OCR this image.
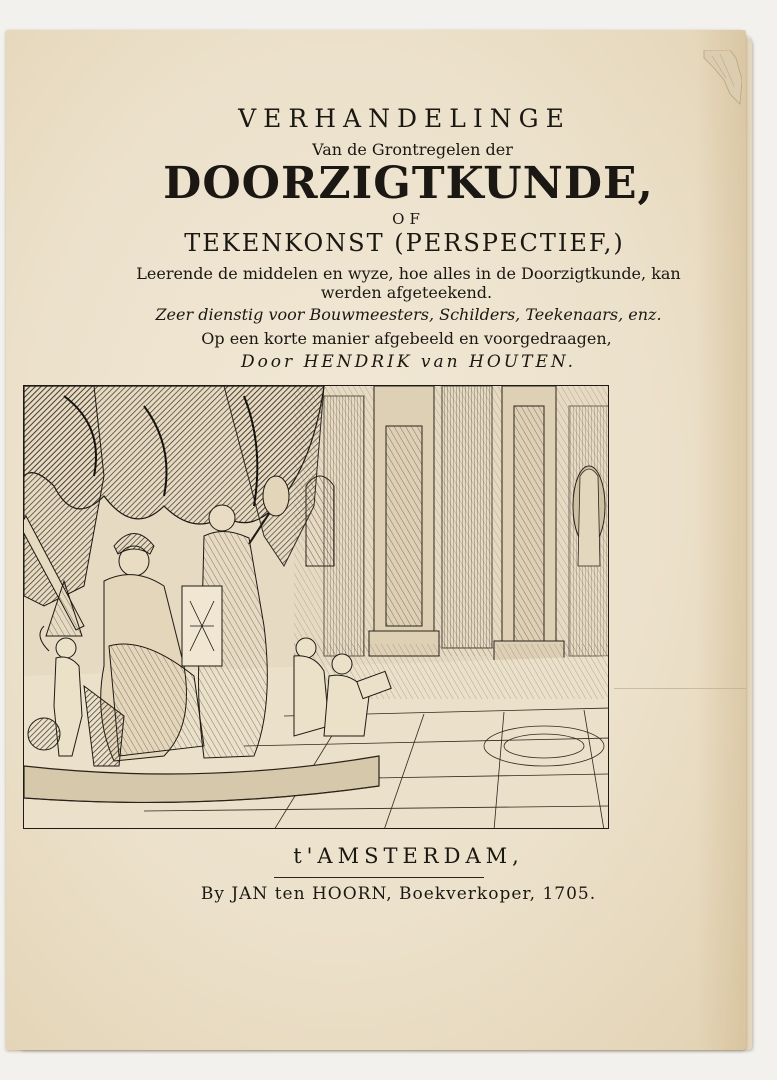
VERHANDELINGE
Van de Grontregelen der
DOORZIGTKUNDE,
OF
TEKENKONST (PERSPECTIEF,)
Leerende de middelen en wyze, hoe alles in de Doorzigtkunde, kan
werden afgeteekend.
Zeer dienstig voor Bouwmeesters, Schilders, Teekenaars, enz.
Op een korte manier afgebeeld en voorgedraagen,
Door HENDRIK van HOUTEN.
t'AMSTERDAM,
By JAN ten HOORN, Boekverkoper, 1705.
